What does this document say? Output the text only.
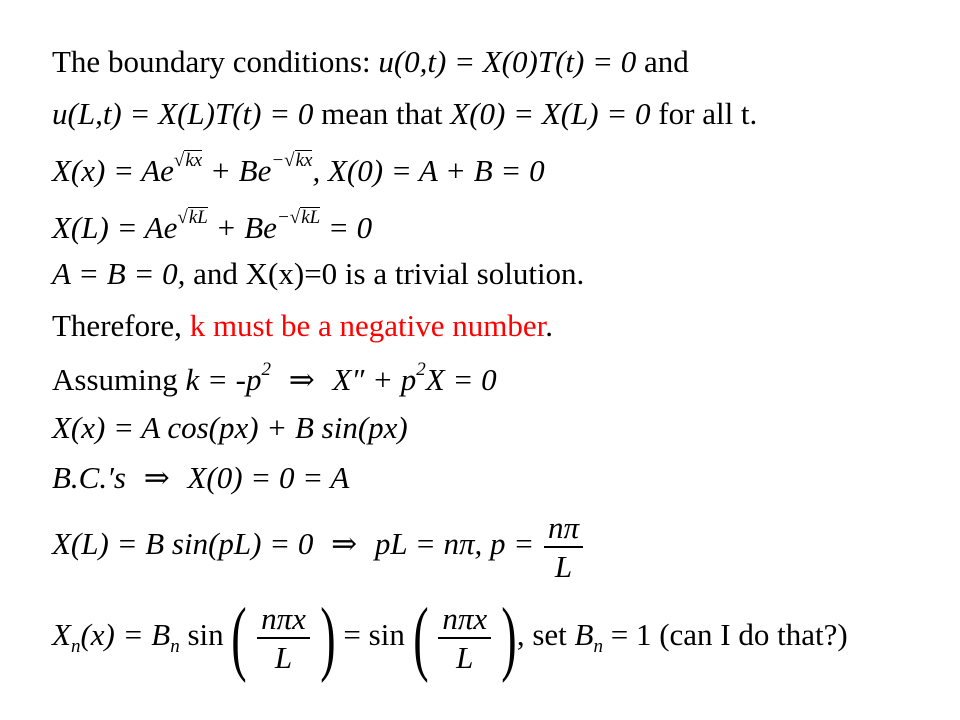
The boundary conditions: u(0,t) = X(0)T(t) = 0 and
u(L,t) = X(L)T(t) = 0 mean that X(0) = X(L) = 0 for all t.
$X(x) = Ae^{√kx} + Be^{-√kx}$, X(0) = A + B = 0
$X(L) = Ae^{√kL} + Be^{-√kL} = 0$
A = B = 0, and X(x)=0 is a trivial solution.
Therefore, k must be a negative number.
Assuming $k = -p^2$ ⇒ $X'' + p^2X = 0$
X(x) = A cos(px) + B sin(px)
B.C.′s ⇒ X(0) = 0 = A
X(L) = B sin(pL) = 0 ⇒ pL = nπ, $p = \frac{n\pi}{L}$
$X_n(x) = B_n$ sin ( $\frac{\text{nπx}}{L}$ ) = sin ( $\frac{\text{nπx}}{L}$ ), set $B_n = 1$ (can I do that?)
